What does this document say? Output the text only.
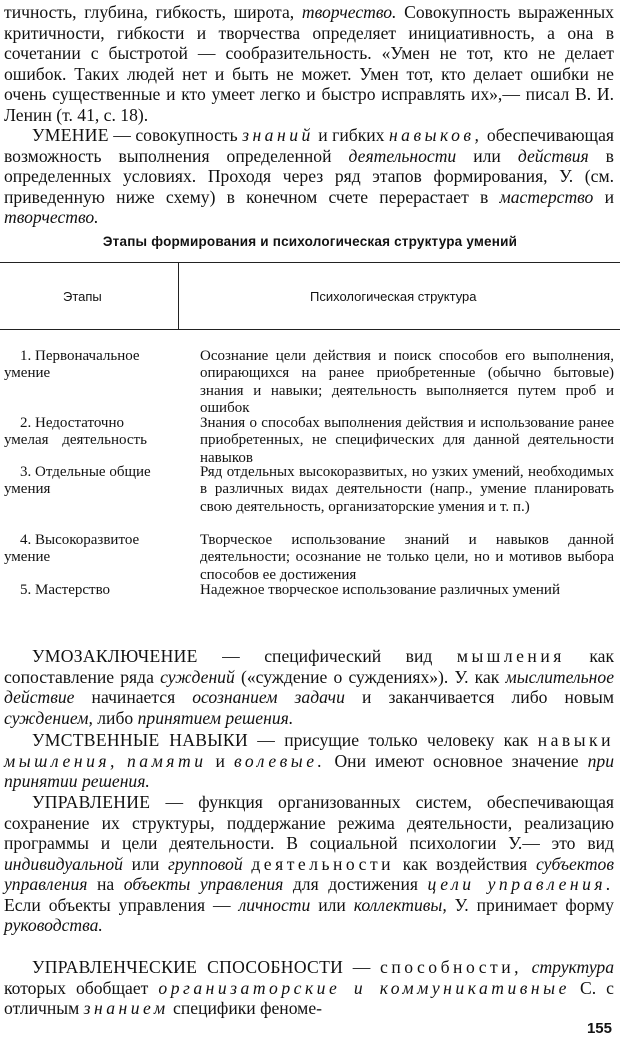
тичность, глубина, гибкость, широта, творчество. Совокупность выраженных критичности, гибкости и творчества определяет инициативность, а она в сочетании с быстротой — сообразительность. «Умен не тот, кто не делает ошибок. Таких людей нет и быть не может. Умен тот, кто делает ошибки не очень существенные и кто умеет легко и быстро исправлять их»,— писал В. И. Ленин (т. 41, с. 18).

УМЕНИЕ — совокупность знаний и гибких навыков, обеспечивающая возможность выполнения определенной деятельности или действия в определенных условиях. Проходя через ряд этапов формирования, У. (см. приведенную ниже схему) в конечном счете перерастает в мастерство и творчество.

Этапы формирования и психологическая структура умений
Этапы	Психологическая структура
1. Первоначальное
умение
Осознание цели действия и поиск способов его выполнения, опирающихся на ранее приобретенные (обычно бытовые) знания и навыки; деятельность выполняется путем проб и ошибок
2. Недостаточно
умелая деятельность
Знания о способах выполнения действия и использование ранее приобретенных, не специфических для данной деятельности навыков
3. Отдельные общие
умения
Ряд отдельных высокоразвитых, но узких умений, необходимых в различных видах деятельности (напр., умение планировать свою деятельность, организаторские умения и т. п.)
4. Высокоразвитое
умение
Творческое использование знаний и навыков данной деятельности; осознание не только цели, но и мотивов выбора способов ее достижения
5. Мастерство	Надежное творческое использование различных умений

УМОЗАКЛЮЧЕНИЕ — специфический вид мышления как сопоставление ряда суждений («суждение о суждениях»). У. как мыслительное действие начинается осознанием задачи и заканчивается либо новым суждением, либо принятием решения.

УМСТВЕННЫЕ НАВЫКИ — присущие только человеку как навыки мышления, памяти и волевые. Они имеют основное значение при принятии решения.

УПРАВЛЕНИЕ — функция организованных систем, обеспечивающая сохранение их структуры, поддержание режима деятельности, реализацию программы и цели деятельности. В социальной психологии У.— это вид индивидуальной или групповой деятельности как воздействия субъектов управления на объекты управления для достижения цели управления. Если объекты управления — личности или коллективы, У. принимает форму руководства.

УПРАВЛЕНЧЕСКИЕ СПОСОБНОСТИ — способности, структура которых обобщает организаторские и коммуникативные С. с отличным знанием специфики феноме-

155
